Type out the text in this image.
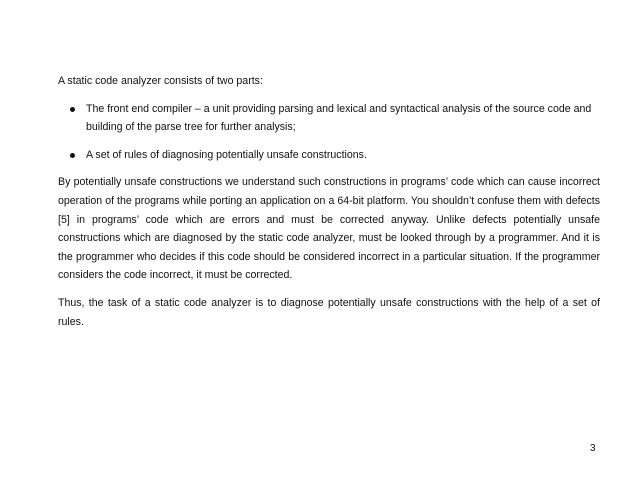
A static code analyzer consists of two parts:

The front end compiler – a unit providing parsing and lexical and syntactical analysis of the source code and building of the parse tree for further analysis;
A set of rules of diagnosing potentially unsafe constructions.

By potentially unsafe constructions we understand such constructions in programs’ code which can cause incorrect operation of the programs while porting an application on a 64-bit platform. You shouldn’t confuse them with defects [5] in programs’ code which are errors and must be corrected anyway. Unlike defects potentially unsafe constructions which are diagnosed by the static code analyzer, must be looked through by a programmer. And it is the programmer who decides if this code should be considered incorrect in a particular situation. If the programmer considers the code incorrect, it must be corrected.

Thus, the task of a static code analyzer is to diagnose potentially unsafe constructions with the help of a set of rules.

3
